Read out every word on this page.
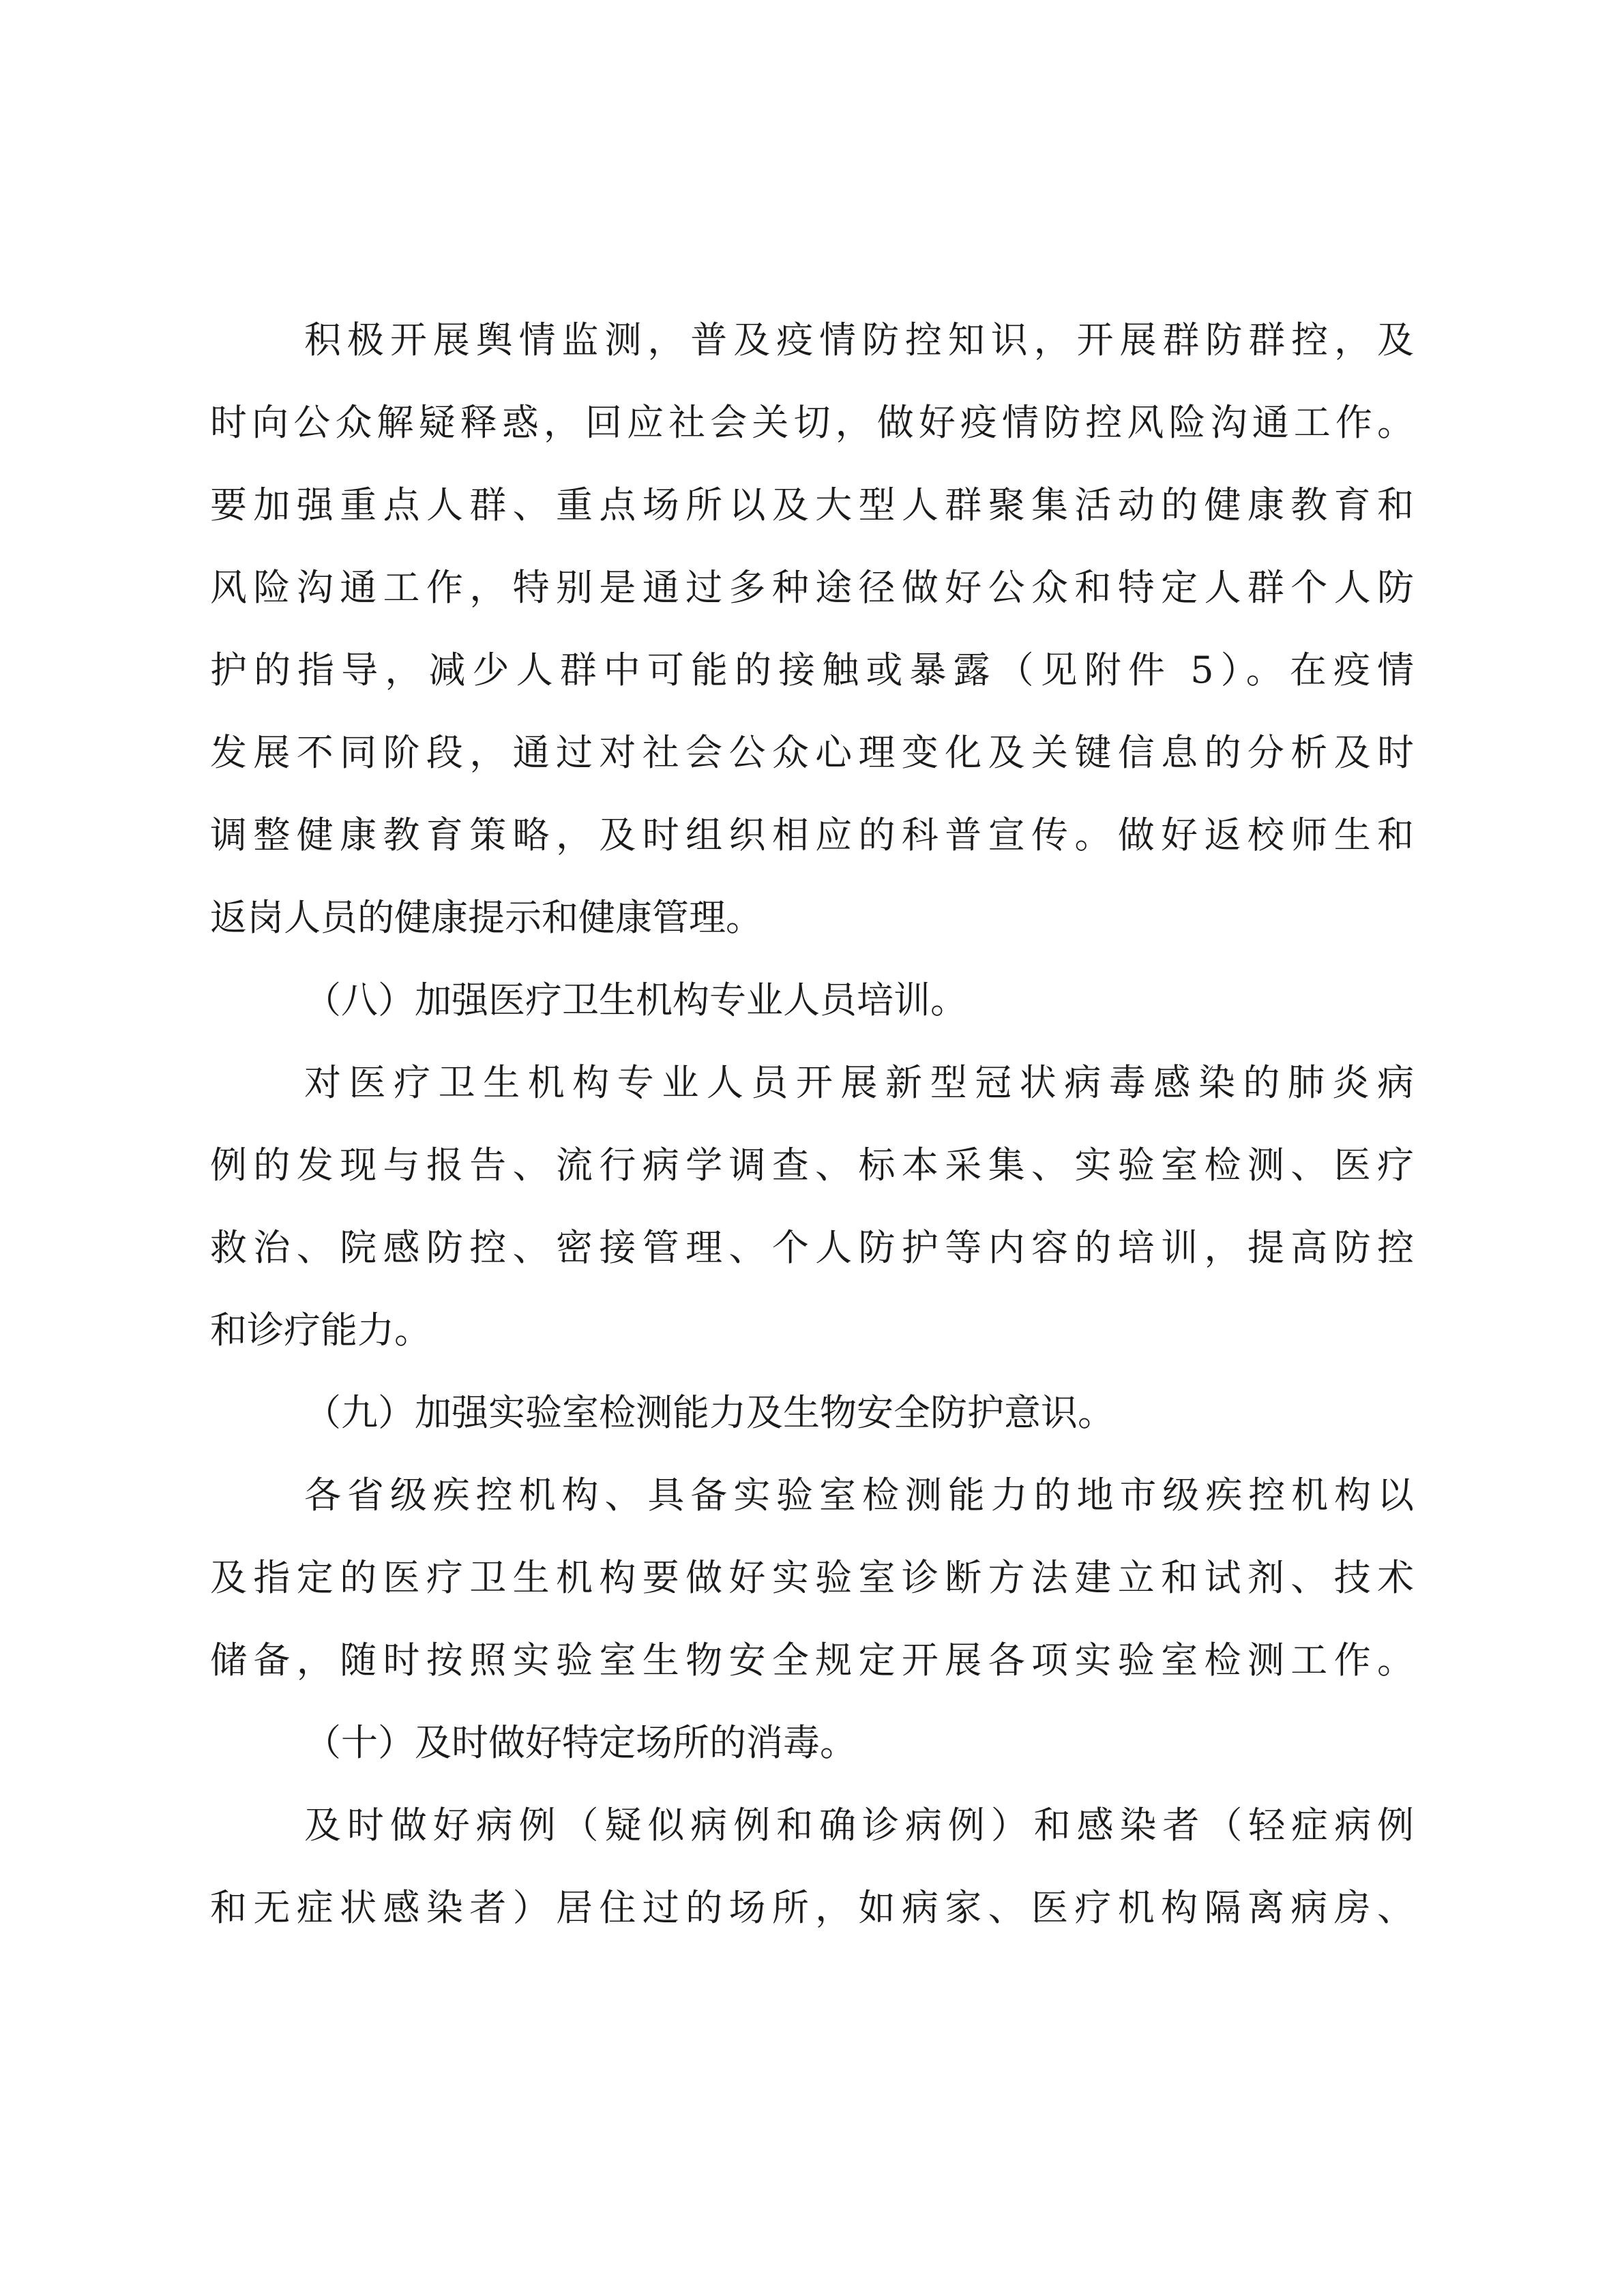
积极开展舆情监测，普及疫情防控知识，开展群防群控，及
时向公众解疑释惑，回应社会关切，做好疫情防控风险沟通工作。
要加强重点人群、重点场所以及大型人群聚集活动的健康教育和
风险沟通工作，特别是通过多种途径做好公众和特定人群个人防
护的指导，减少人群中可能的接触或暴露（见附件 5）。在疫情
发展不同阶段，通过对社会公众心理变化及关键信息的分析及时
调整健康教育策略，及时组织相应的科普宣传。做好返校师生和
返岗人员的健康提示和健康管理。
（八）加强医疗卫生机构专业人员培训。
对医疗卫生机构专业人员开展新型冠状病毒感染的肺炎病
例的发现与报告、流行病学调查、标本采集、实验室检测、医疗
救治、院感防控、密接管理、个人防护等内容的培训，提高防控
和诊疗能力。
（九）加强实验室检测能力及生物安全防护意识。
各省级疾控机构、具备实验室检测能力的地市级疾控机构以
及指定的医疗卫生机构要做好实验室诊断方法建立和试剂、技术
储备，随时按照实验室生物安全规定开展各项实验室检测工作。
（十）及时做好特定场所的消毒。
及时做好病例（疑似病例和确诊病例）和感染者（轻症病例
和无症状感染者）居住过的场所，如病家、医疗机构隔离病房、
